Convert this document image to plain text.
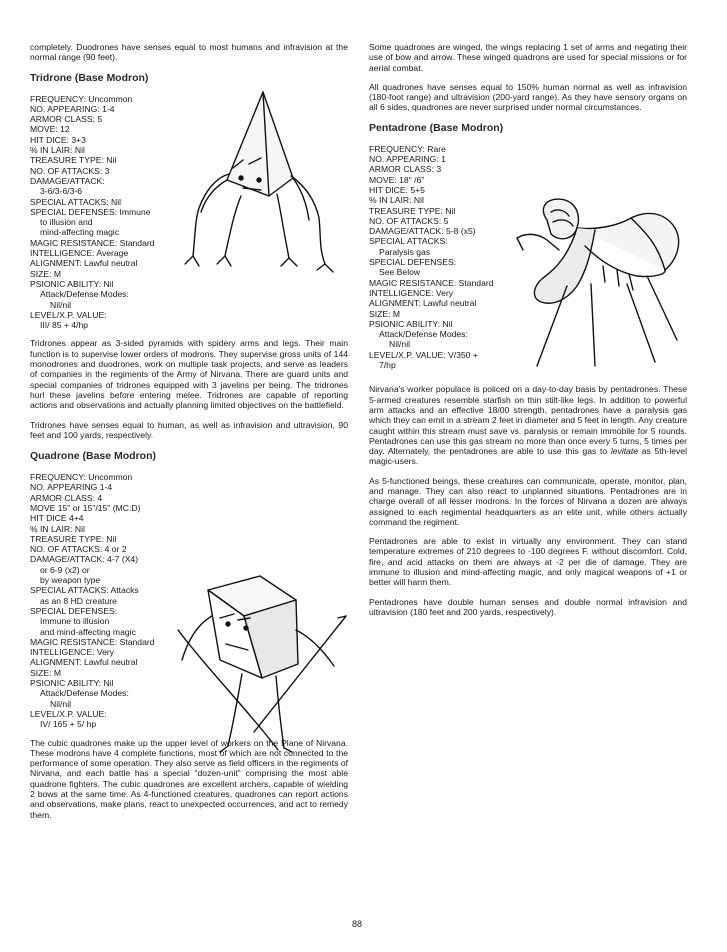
completely. Duodrones have senses equal to most humans and infravision at the normal range (90 feet).

Tridrone (Base Modron)
FREQUENCY: Uncommon
NO. APPEARING: 1-4
ARMOR CLASS: 5
MOVE: 12
HIT DICE: 3+3
% IN LAIR: Nil
TREASURE TYPE: Nil
NO. OF ATTACKS: 3
DAMAGE/ATTACK:
3-6/3-6/3-6
SPECIAL ATTACKS: Nil
SPECIAL DEFENSES: Immune
to illusion and
mind-affecting magic
MAGIC RESISTANCE: Standard
INTELLIGENCE: Average
ALIGNMENT: Lawful neutral
SIZE: M
PSIONIC ABILITY: Nil
Attack/Defense Modes:
Nil/nil
LEVEL/X.P. VALUE:
III/ 85 + 4/hp

Tridrones appear as 3-sided pyramids with spidery arms and legs. Their main function is to supervise lower orders of modrons. They supervise gross units of 144 monodrones and duodrones, work on multiple task projects, and serve as leaders of companies in the regiments of the Army of Nirvana. There are guard units and special companies of tridrones equipped with 3 javelins per being. The tridrones hurl these javelins before entering melee. Tridrones are capable of reporting actions and observations and actually planning limited objectives on the battlefield.

Tridrones have senses equal to human, as well as infravision and ultravision, 90 feet and 100 yards, respectively.

Quadrone (Base Modron)
FREQUENCY: Uncommon
NO. APPEARING 1-4
ARMOR CLASS: 4
MOVE 15" or 15"/15" (MC:D)
HIT DICE 4+4
% IN LAIR: Nil
TREASURE TYPE: Nil
NO. OF ATTACKS: 4 or 2
DAMAGE/ATTACK: 4-7 (X4)
or 6-9 (x2) or
by weapon type
SPECIAL ATTACKS: Attacks
as an 8 HD creature
SPECIAL DEFENSES:
Immune to illusion
and mind-affecting magic
MAGIC RESISTANCE: Standard
INTELLIGENCE: Very
ALIGNMENT: Lawful neutral
SIZE: M
PSIONIC ABILITY: Nil
Attack/Defense Modes:
Nil/nil
LEVEL/X.P. VALUE:
IV/ 165 + 5/ hp

The cubic quadrones make up the upper level of workers on the Plane of Nirvana. These modrons have 4 complete functions, most of which are not connected to the performance of some operation. They also serve as field officers in the regiments of Nirvana, and each battle has a special "dozen-unit" comprising the most able quadrone fighters. The cubic quadrones are excellent archers, capable of wielding 2 bows at the same time. As 4-functioned creatures, quadrones can report actions and observations, make plans, react to unexpected occurrences, and act to remedy them.

Some quadrones are winged, the wings replacing 1 set of arms and negating their use of bow and arrow. These winged quadrons are used for special missions or for aerial combat.

All quadrones have senses equal to 150% human normal as well as infravision (180-foot range) and ultravision (200-yard range). As they have sensory organs on all 6 sides, quadrones are never surprised under normal circumstances.

Pentadrone (Base Modron)
FREQUENCY: Rare
NO. APPEARING: 1
ARMOR CLASS: 3
MOVE: 18" /6"
HIT DICE: 5+5
% IN LAIR: Nil
TREASURE TYPE: Nil
NO. OF ATTACKS: 5
DAMAGE/ATTACK: 5-8 (x5)
SPECIAL ATTACKS:
Paralysis gas
SPECIAL DEFENSES:
See Below
MAGIC RESISTANCE: Standard
INTELLIGENCE: Very
ALIGNMENT: Lawful neutral
SIZE: M
PSIONIC ABILITY: Nil
Attack/Defense Modes:
Nil/nil
LEVEL/X.P. VALUE: V/350 +
7/hp

Nirvana's worker populace is policed on a day-to-day basis by pentadrones. These 5-armed creatures resemble starfish on thin stilt-like legs. In addition to powerful arm attacks and an effective 18/00 strength, pentadrones have a paralysis gas which they can emit in a stream 2 feet in diameter and 5 feet in length. Any creature caught within this stream must save vs. paralysis or remain immobile for 5 rounds. Pentadrones can use this gas stream no more than once every 5 turns, 5 times per day. Alternately, the pentadrones are able to use this gas to levitate as 5th-level magic-users.

As 5-functioned beings, these creatures can communicate, operate, monitor, plan, and manage. They can also react to unplanned situations. Pentadrones are in charge overall of all lesser modrons. In the forces of Nirvana a dozen are always assigned to each regimental headquarters as an elite unit, while others actually command the regiment.

Pentadrones are able to exist in virtually any environment. They can stand temperature extremes of 210 degrees to -100 degrees F. without discomfort. Cold, fire, and acid attacks on them are always at -2 per die of damage. They are immune to illusion and mind-affecting magic, and only magical weapons of +1 or better will harm them.

Pentadrones have double human senses and double normal infravision and ultravision (180 feet and 200 yards, respectively).

88
